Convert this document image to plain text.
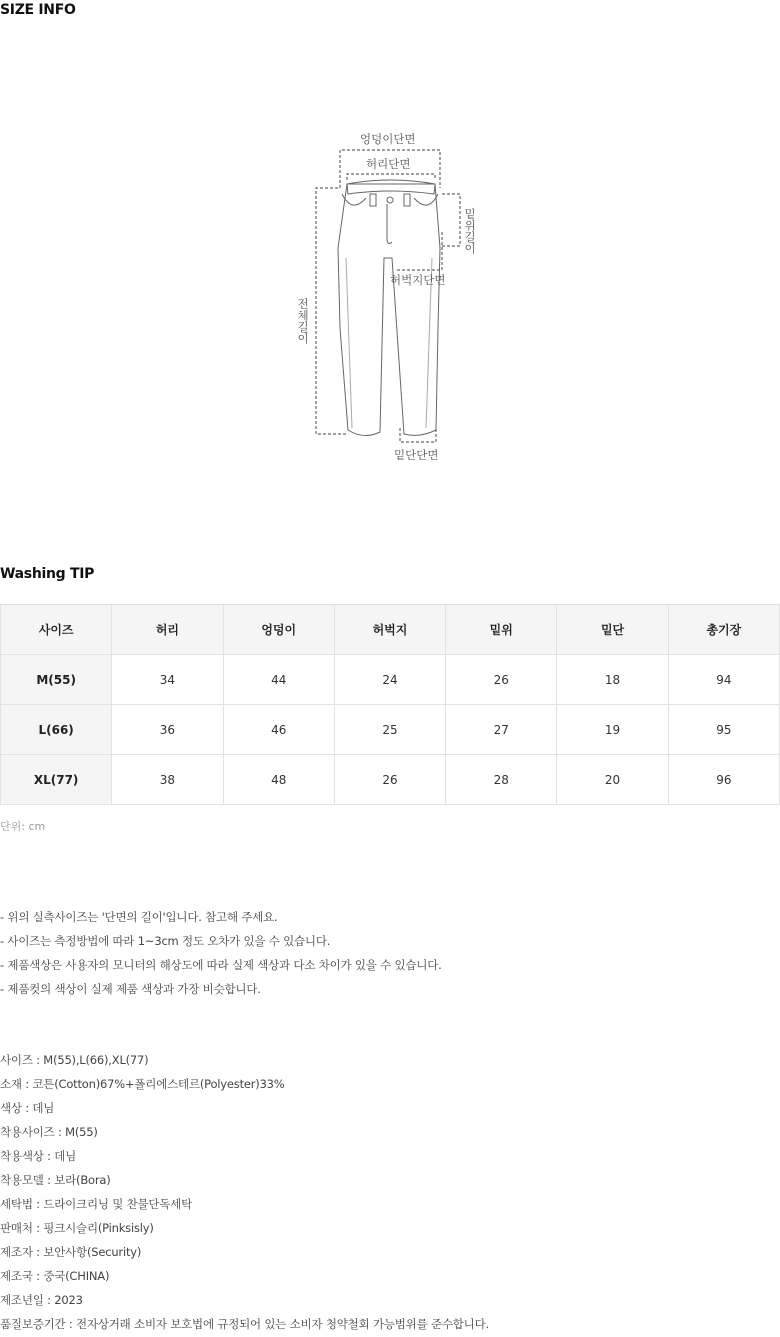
SIZE INFO
엉덩이단면
허리단면
허벅지단면
밑단단면
밑위길이
전체길이
Washing TIP
사이즈	허리	엉덩이	허벅지	밑위	밑단	총기장
M(55)	34	44	24	26	18	94
L(66)	36	46	25	27	19	95
XL(77)	38	48	26	28	20	96
단위: cm

- 위의 실측사이즈는 '단면의 길이'입니다. 참고해 주세요.

- 사이즈는 측정방법에 따라 1~3cm 정도 오차가 있을 수 있습니다.

- 제품색상은 사용자의 모니터의 해상도에 따라 실제 색상과 다소 차이가 있을 수 있습니다.

- 제품컷의 색상이 실제 제품 색상과 가장 비슷합니다.

사이즈 : M(55),L(66),XL(77)

소재 : 코튼(Cotton)67%+폴리에스테르(Polyester)33%

색상 : 데님

착용사이즈 : M(55)

착용색상 : 데님

착용모델 : 보라(Bora)

세탁법 : 드라이크리닝 및 찬물단독세탁

판매처 : 핑크시슬리(Pinksisly)

제조자 : 보안사항(Security)

제조국 : 중국(CHINA)

제조년일 : 2023

품질보증기간 : 전자상거래 소비자 보호법에 규정되어 있는 소비자 청약철회 가능범위를 준수합니다.
